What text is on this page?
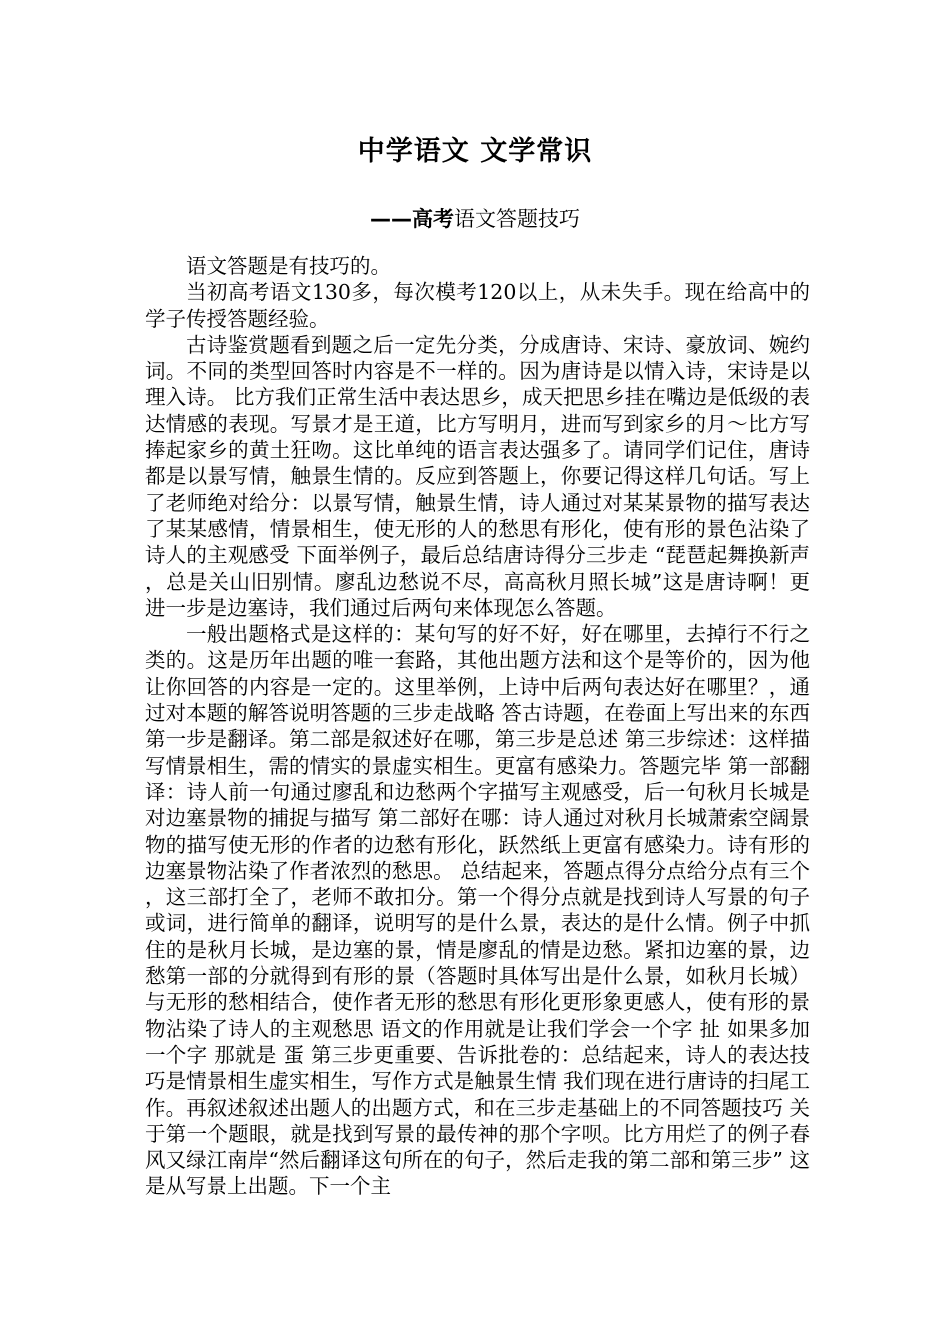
中学语文 文学常识
——高考语文答题技巧

语文答题是有技巧的。

当初高考语文130多，每次模考120以上，从未失手。现在给高中的学子传授答题经验。

古诗鉴赏题看到题之后一定先分类，分成唐诗、宋诗、豪放词、婉约词。不同的类型回答时内容是不一样的。因为唐诗是以情入诗，宋诗是以理入诗。 比方我们正常生活中表达思乡，成天把思乡挂在嘴边是低级的表达情感的表现。写景才是王道，比方写明月，进而写到家乡的月～比方写捧起家乡的黄土狂吻。这比单纯的语言表达强多了。请同学们记住，唐诗都是以景写情，触景生情的。反应到答题上，你要记得这样几句话。写上了老师绝对给分：以景写情，触景生情，诗人通过对某某景物的描写表达了某某感情，情景相生，使无形的人的愁思有形化，使有形的景色沾染了诗人的主观感受 下面举例子，最后总结唐诗得分三步走 “琵琶起舞换新声，总是关山旧别情。廖乱边愁说不尽，高高秋月照长城”这是唐诗啊！更进一步是边塞诗，我们通过后两句来体现怎么答题。

一般出题格式是这样的：某句写的好不好，好在哪里，去掉行不行之类的。这是历年出题的唯一套路，其他出题方法和这个是等价的，因为他让你回答的内容是一定的。这里举例，上诗中后两句表达好在哪里？，通过对本题的解答说明答题的三步走战略 答古诗题，在卷面上写出来的东西第一步是翻译。第二部是叙述好在哪，第三步是总述 第三步综述：这样描写情景相生，需的情实的景虚实相生。更富有感染力。答题完毕 第一部翻译：诗人前一句通过廖乱和边愁两个字描写主观感受，后一句秋月长城是对边塞景物的捕捉与描写 第二部好在哪：诗人通过对秋月长城萧索空阔景物的描写使无形的作者的边愁有形化，跃然纸上更富有感染力。诗有形的边塞景物沾染了作者浓烈的愁思。 总结起来，答题点得分点给分点有三个，这三部打全了，老师不敢扣分。第一个得分点就是找到诗人写景的句子或词，进行简单的翻译，说明写的是什么景，表达的是什么情。例子中抓住的是秋月长城，是边塞的景，情是廖乱的情是边愁。紧扣边塞的景，边愁第一部的分就得到有形的景（答题时具体写出是什么景，如秋月长城）与无形的愁相结合，使作者无形的愁思有形化更形象更感人，使有形的景物沾染了诗人的主观愁思 语文的作用就是让我们学会一个字 扯 如果多加一个字 那就是 蛋 第三步更重要、告诉批卷的：总结起来，诗人的表达技巧是情景相生虚实相生，写作方式是触景生情 我们现在进行唐诗的扫尾工作。再叙述叙述出题人的出题方式，和在三步走基础上的不同答题技巧 关于第一个题眼，就是找到写景的最传神的那个字呗。比方用烂了的例子春风又绿江南岸“然后翻译这句所在的句子，然后走我的第二部和第三步” 这是从写景上出题。下一个主
